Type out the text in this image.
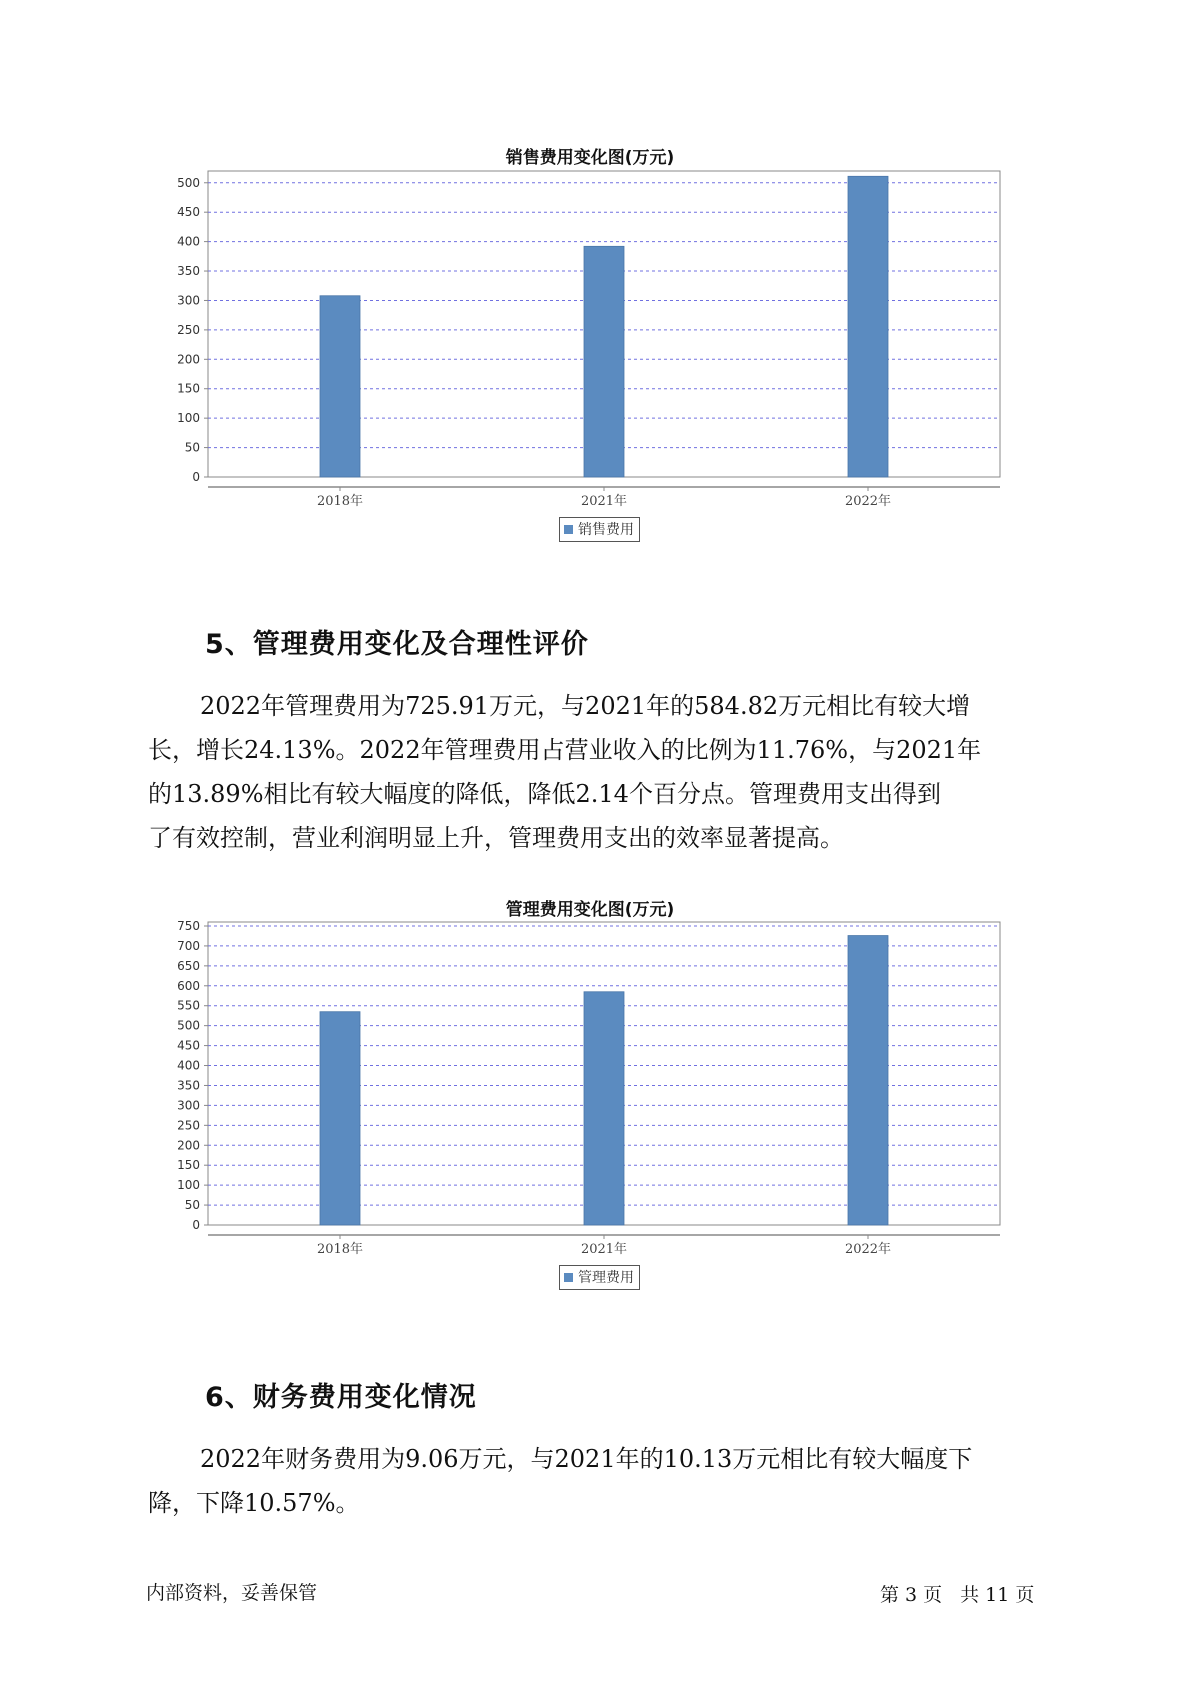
销售费用变化图(万元)
0
50
100
150
200
250
300
350
400
450
500
2018年	2021年	2022年
销售费用
5、管理费用变化及合理性评价
2022年管理费用为725.91万元，与2021年的584.82万元相比有较大增
长，增长24.13%。2022年管理费用占营业收入的比例为11.76%，与2021年
的13.89%相比有较大幅度的降低，降低2.14个百分点。管理费用支出得到
了有效控制，营业利润明显上升，管理费用支出的效率显著提高。
管理费用变化图(万元)
0
50
100
150
200
250
300
350
400
450
500
550
600
650
700
750
2018年	2021年	2022年
管理费用
6、财务费用变化情况
2022年财务费用为9.06万元，与2021年的10.13万元相比有较大幅度下
降，下降10.57%。
内部资料，妥善保管	第 3 页 共 11 页
